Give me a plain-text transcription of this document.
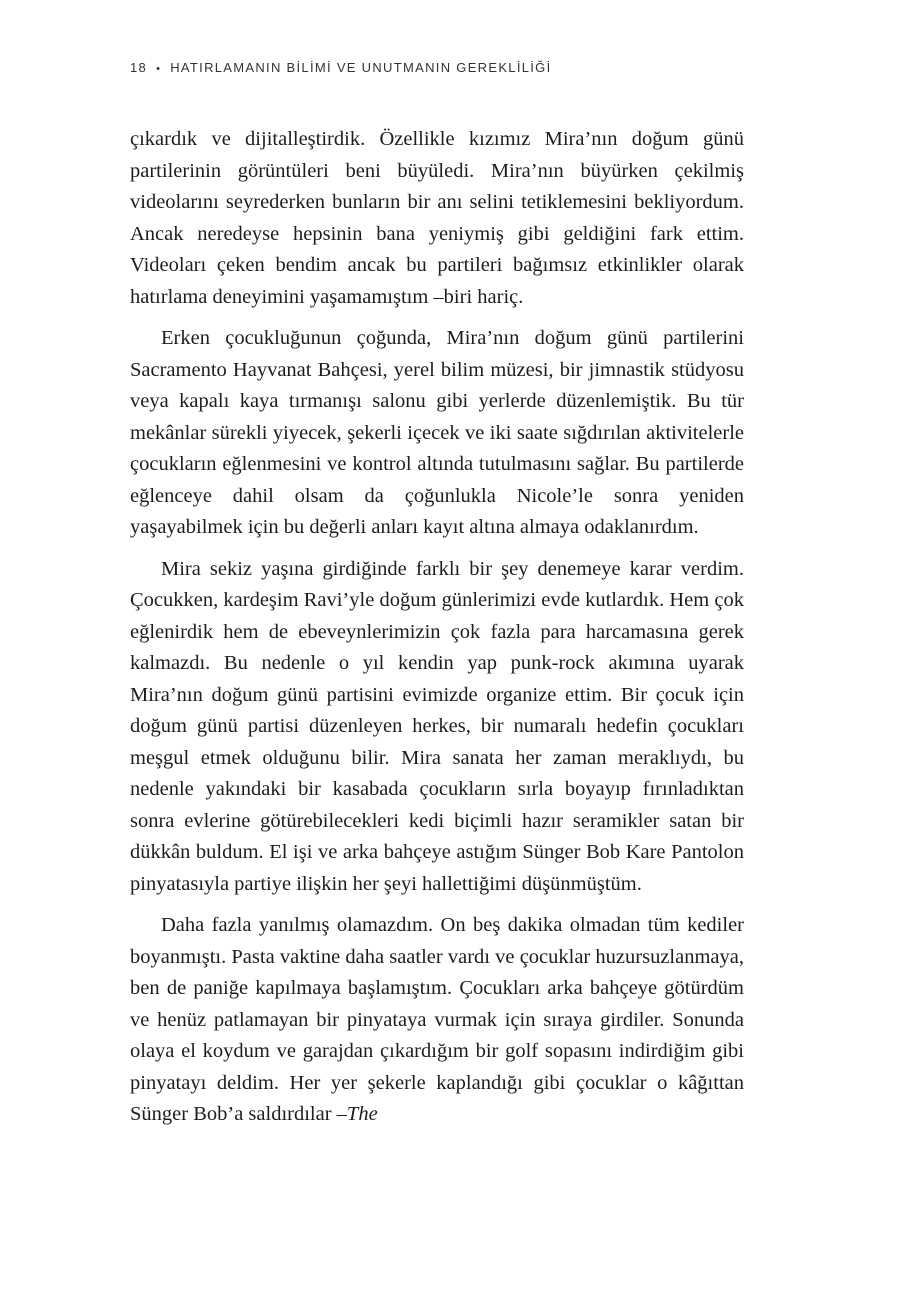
18 • HATIRLAMANIN BİLİMİ VE UNUTMANIN GEREKLİLİĞİ

çıkardık ve dijitalleştirdik. Özellikle kızımız Mira’nın doğum günü partilerinin görüntüleri beni büyüledi. Mira’nın büyürken çekilmiş videolarını seyrederken bunların bir anı selini tetiklemesini bekliyordum. Ancak neredeyse hepsinin bana yeniymiş gibi geldiğini fark ettim. Videoları çeken bendim ancak bu partileri bağımsız etkinlikler olarak hatırlama deneyimini yaşamamıştım –biri hariç.

Erken çocukluğunun çoğunda, Mira’nın doğum günü partilerini Sacramento Hayvanat Bahçesi, yerel bilim müzesi, bir jimnastik stüdyosu veya kapalı kaya tırmanışı salonu gibi yerlerde düzenlemiştik. Bu tür mekânlar sürekli yiyecek, şekerli içecek ve iki saate sığdırılan aktivitelerle çocukların eğlenmesini ve kontrol altında tutulmasını sağlar. Bu partilerde eğlenceye dahil olsam da çoğunlukla Nicole’le sonra yeniden yaşayabilmek için bu değerli anları kayıt altına almaya odaklanırdım.

Mira sekiz yaşına girdiğinde farklı bir şey denemeye karar verdim. Çocukken, kardeşim Ravi’yle doğum günlerimizi evde kutlardık. Hem çok eğlenirdik hem de ebeveynlerimizin çok fazla para harcamasına gerek kalmazdı. Bu nedenle o yıl kendin yap punk-rock akımına uyarak Mira’nın doğum günü partisini evimizde organize ettim. Bir çocuk için doğum günü partisi düzenleyen herkes, bir numaralı hedefin çocukları meşgul etmek olduğunu bilir. Mira sanata her zaman meraklıydı, bu nedenle yakındaki bir kasabada çocukların sırla boyayıp fırınladıktan sonra evlerine götürebilecekleri kedi biçimli hazır seramikler satan bir dükkân buldum. El işi ve arka bahçeye astığım Sünger Bob Kare Pantolon pinyatasıyla partiye ilişkin her şeyi hallettiğimi düşünmüştüm.

Daha fazla yanılmış olamazdım. On beş dakika olmadan tüm kediler boyanmıştı. Pasta vaktine daha saatler vardı ve çocuklar huzursuzlanmaya, ben de paniğe kapılmaya başlamıştım. Çocukları arka bahçeye götürdüm ve henüz patlamayan bir pinyataya vurmak için sıraya girdiler. Sonunda olaya el koydum ve garajdan çıkardığım bir golf sopasını indirdiğim gibi pinyatayı deldim. Her yer şekerle kaplandığı gibi çocuklar o kâğıttan Sünger Bob’a saldırdılar –The
